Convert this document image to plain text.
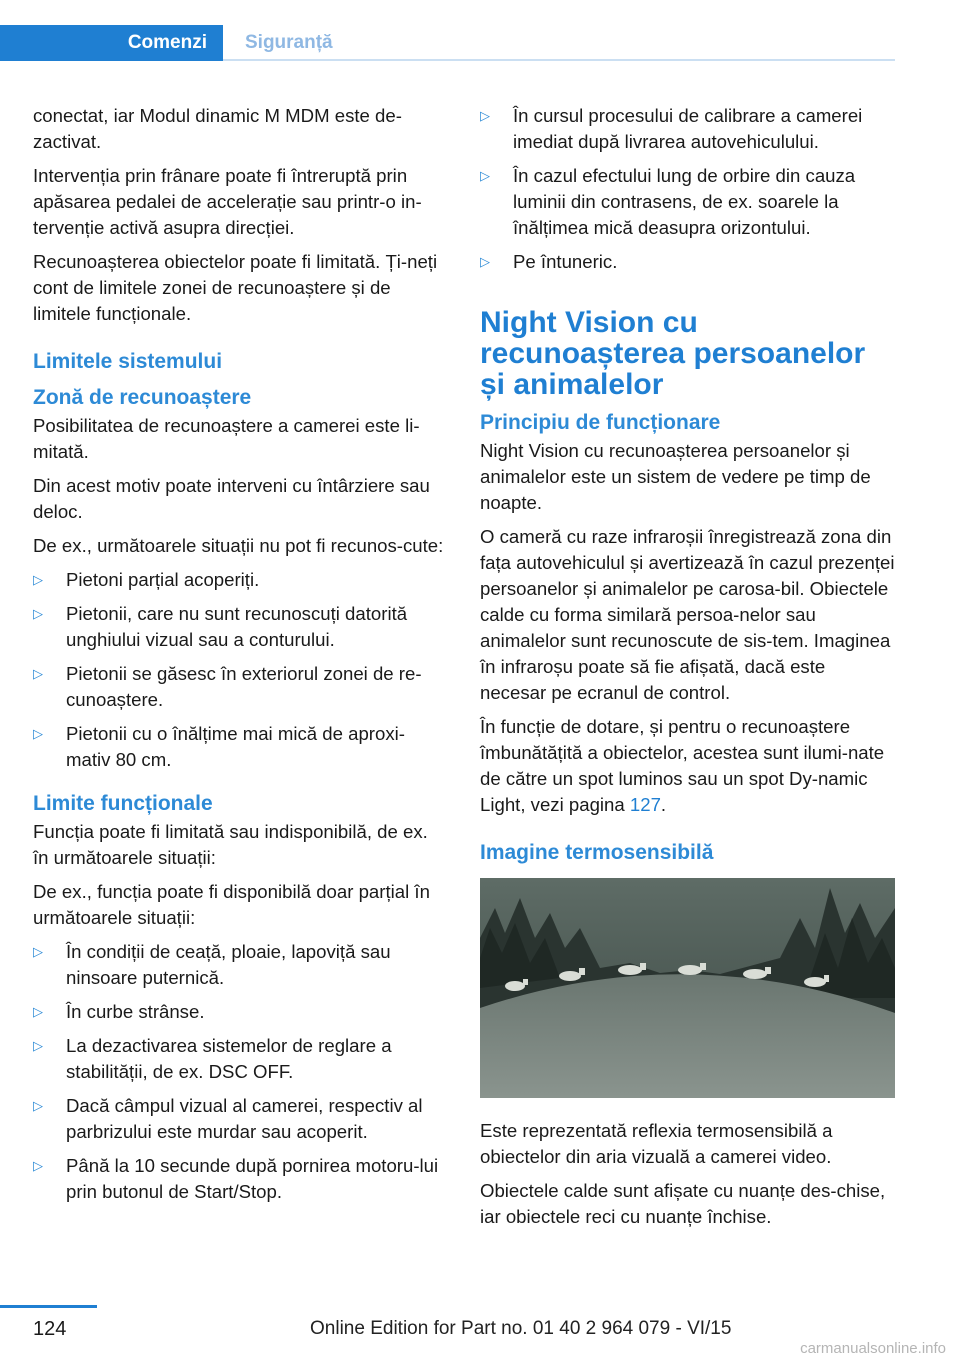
Comenzi	Siguranță

conectat, iar Modul dinamic M MDM este de-zactivat.

Intervenția prin frânare poate fi întreruptă prin apăsarea pedalei de accelerație sau printr-o in-tervenție activă asupra direcției.

Recunoașterea obiectelor poate fi limitată. Ți-neți cont de limitele zonei de recunoaștere și de limitele funcționale.

Limitele sistemului
Zonă de recunoaștere

Posibilitatea de recunoaștere a camerei este li-mitată.

Din acest motiv poate interveni cu întârziere sau deloc.

De ex., următoarele situații nu pot fi recunos-cute:

▷ Pietoni parțial acoperiți.
▷ Pietonii, care nu sunt recunoscuți datorită unghiului vizual sau a conturului.
▷ Pietonii se găsesc în exteriorul zonei de re-cunoaștere.
▷ Pietonii cu o înălțime mai mică de aproxi-mativ 80 cm.
Limite funcționale

Funcția poate fi limitată sau indisponibilă, de ex. în următoarele situații:

De ex., funcția poate fi disponibilă doar parțial în următoarele situații:

▷ În condiții de ceață, ploaie, lapoviță sau ninsoare puternică.
▷ În curbe strânse.
▷ La dezactivarea sistemelor de reglare a stabilității, de ex. DSC OFF.
▷ Dacă câmpul vizual al camerei, respectiv al parbrizului este murdar sau acoperit.
▷ Până la 10 secunde după pornirea motoru-lui prin butonul de Start/Stop.
▷ În cursul procesului de calibrare a camerei imediat după livrarea autovehiculului.
▷ În cazul efectului lung de orbire din cauza luminii din contrasens, de ex. soarele la înălțimea mică deasupra orizontului.
▷ Pe întuneric.
Night Vision cu recunoașterea persoanelor și animalelor
Principiu de funcționare

Night Vision cu recunoașterea persoanelor și animalelor este un sistem de vedere pe timp de noapte.

O cameră cu raze infraroșii înregistrează zona din fața autovehiculul și avertizează în cazul prezenței persoanelor și animalelor pe carosa-bil. Obiectele calde cu forma similară persoa-nelor sau animalelor sunt recunoscute de sis-tem. Imaginea în infraroșu poate să fie afișată, dacă este necesar pe ecranul de control.

În funcție de dotare, și pentru o recunoaștere îmbunătățită a obiectelor, acestea sunt ilumi-nate de către un spot luminos sau un spot Dy-namic Light, vezi pagina 127.

Imagine termosensibilă

Este reprezentată reflexia termosensibilă a obiectelor din aria vizuală a camerei video.

Obiectele calde sunt afișate cu nuanțe des-chise, iar obiectele reci cu nuanțe închise.

124	Online Edition for Part no. 01 40 2 964 079 - VI/15
carmanualsonline.info
